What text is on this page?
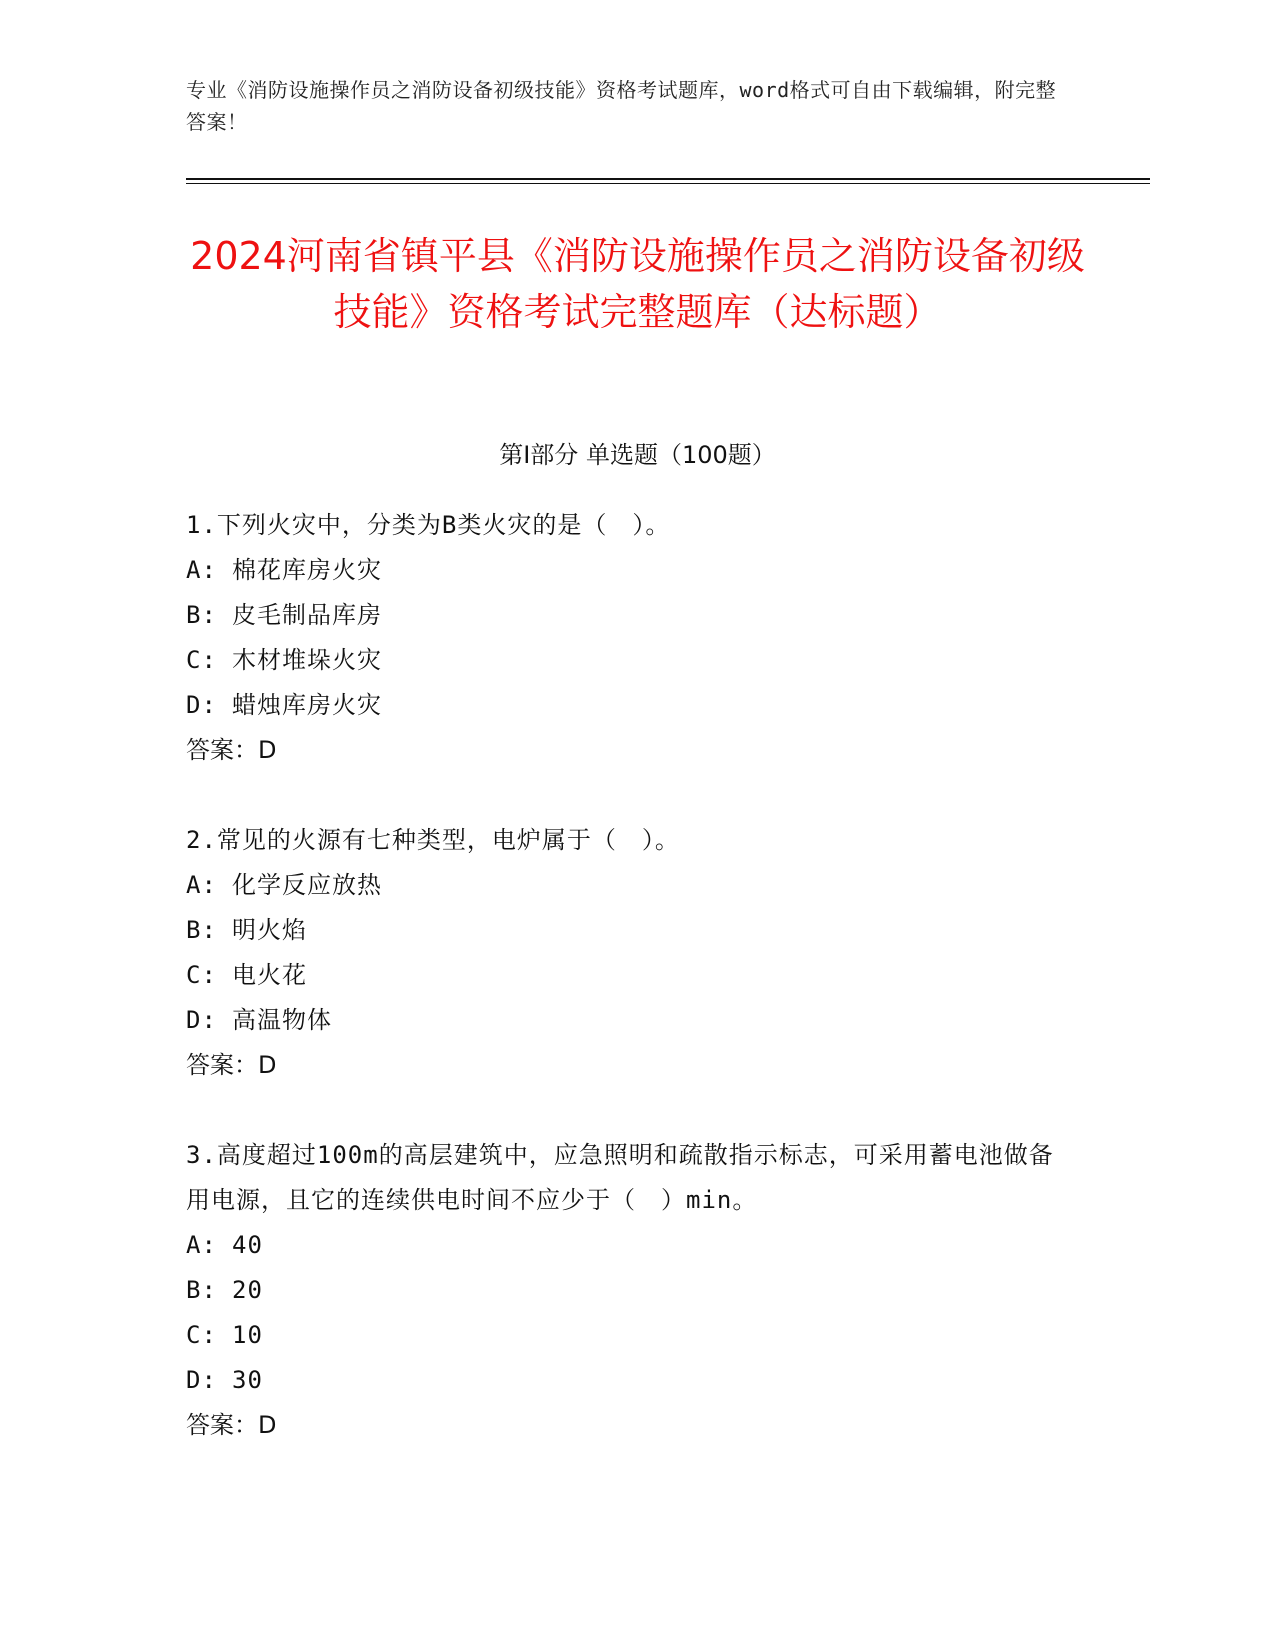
专业《消防设施操作员之消防设备初级技能》资格考试题库，word格式可自由下载编辑，附完整答案！
2024河南省镇平县《消防设施操作员之消防设备初级技能》资格考试完整题库（达标题）
第Ⅰ部分 单选题（100题）
1.下列火灾中，分类为B类火灾的是（　）。
A: 棉花库房火灾
B: 皮毛制品库房
C: 木材堆垛火灾
D: 蜡烛库房火灾
答案：D
2.常见的火源有七种类型，电炉属于（　）。
A: 化学反应放热
B: 明火焰
C: 电火花
D: 高温物体
答案：D
3.高度超过100m的高层建筑中，应急照明和疏散指示标志，可采用蓄电池做备用电源，且它的连续供电时间不应少于（　）min。
A: 40
B: 20
C: 10
D: 30
答案：D
